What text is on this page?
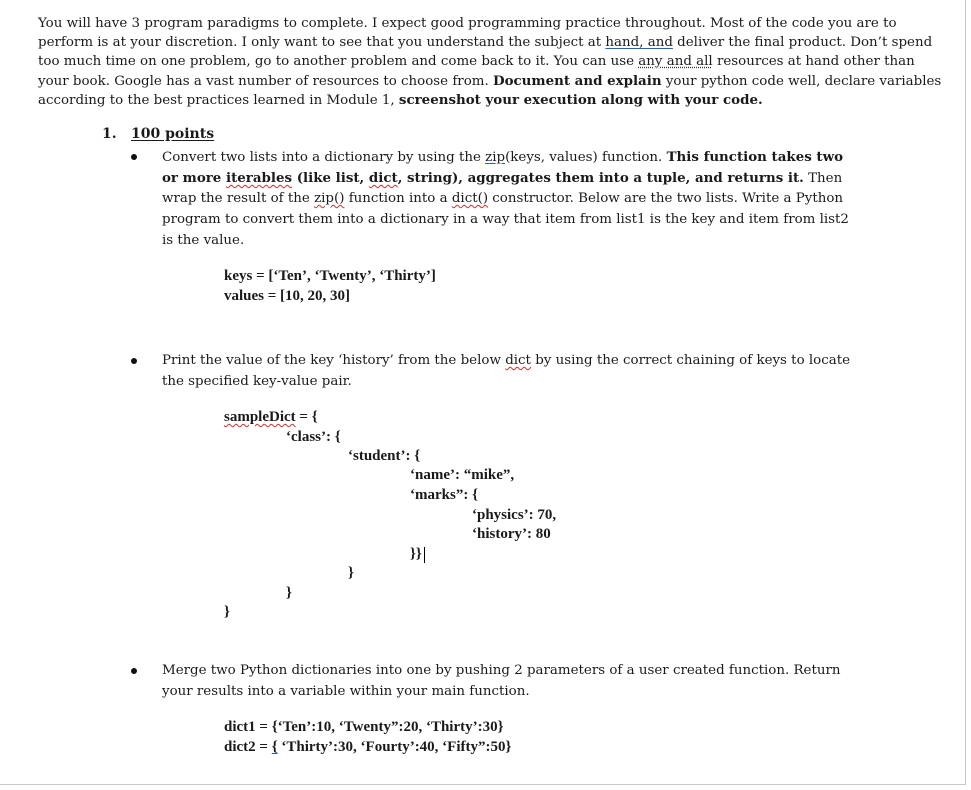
You will have 3 program paradigms to complete. I expect good programming practice throughout. Most of the code you are to
perform is at your discretion. I only want to see that you understand the subject at hand, and deliver the final product. Don’t spend
too much time on one problem, go to another problem and come back to it. You can use any and all resources at hand other than
your book. Google has a vast number of resources to choose from. Document and explain your python code well, declare variables
according to the best practices learned in Module 1, screenshot your execution along with your code.
1. 100 points
Convert two lists into a dictionary by using the zip(keys, values) function. This function takes two
or more iterables (like list, dict, string), aggregates them into a tuple, and returns it. Then
wrap the result of the zip() function into a dict() constructor. Below are the two lists. Write a Python
program to convert them into a dictionary in a way that item from list1 is the key and item from list2
is the value.
keys = [‘Ten’, ‘Twenty’, ‘Thirty’]
values = [10, 20, 30]
Print the value of the key ‘history’ from the below dict by using the correct chaining of keys to locate
the specified key-value pair.
sampleDict = {
‘class’: {
‘student’: {
‘name’: “mike”,
‘marks”: {
‘physics’: 70,
‘history’: 80
}}
}
}
}
Merge two Python dictionaries into one by pushing 2 parameters of a user created function. Return
your results into a variable within your main function.
dict1 = {‘Ten’:10, ‘Twenty”:20, ‘Thirty’:30}
dict2 = { ‘Thirty’:30, ‘Fourty’:40, ‘Fifty”:50}
